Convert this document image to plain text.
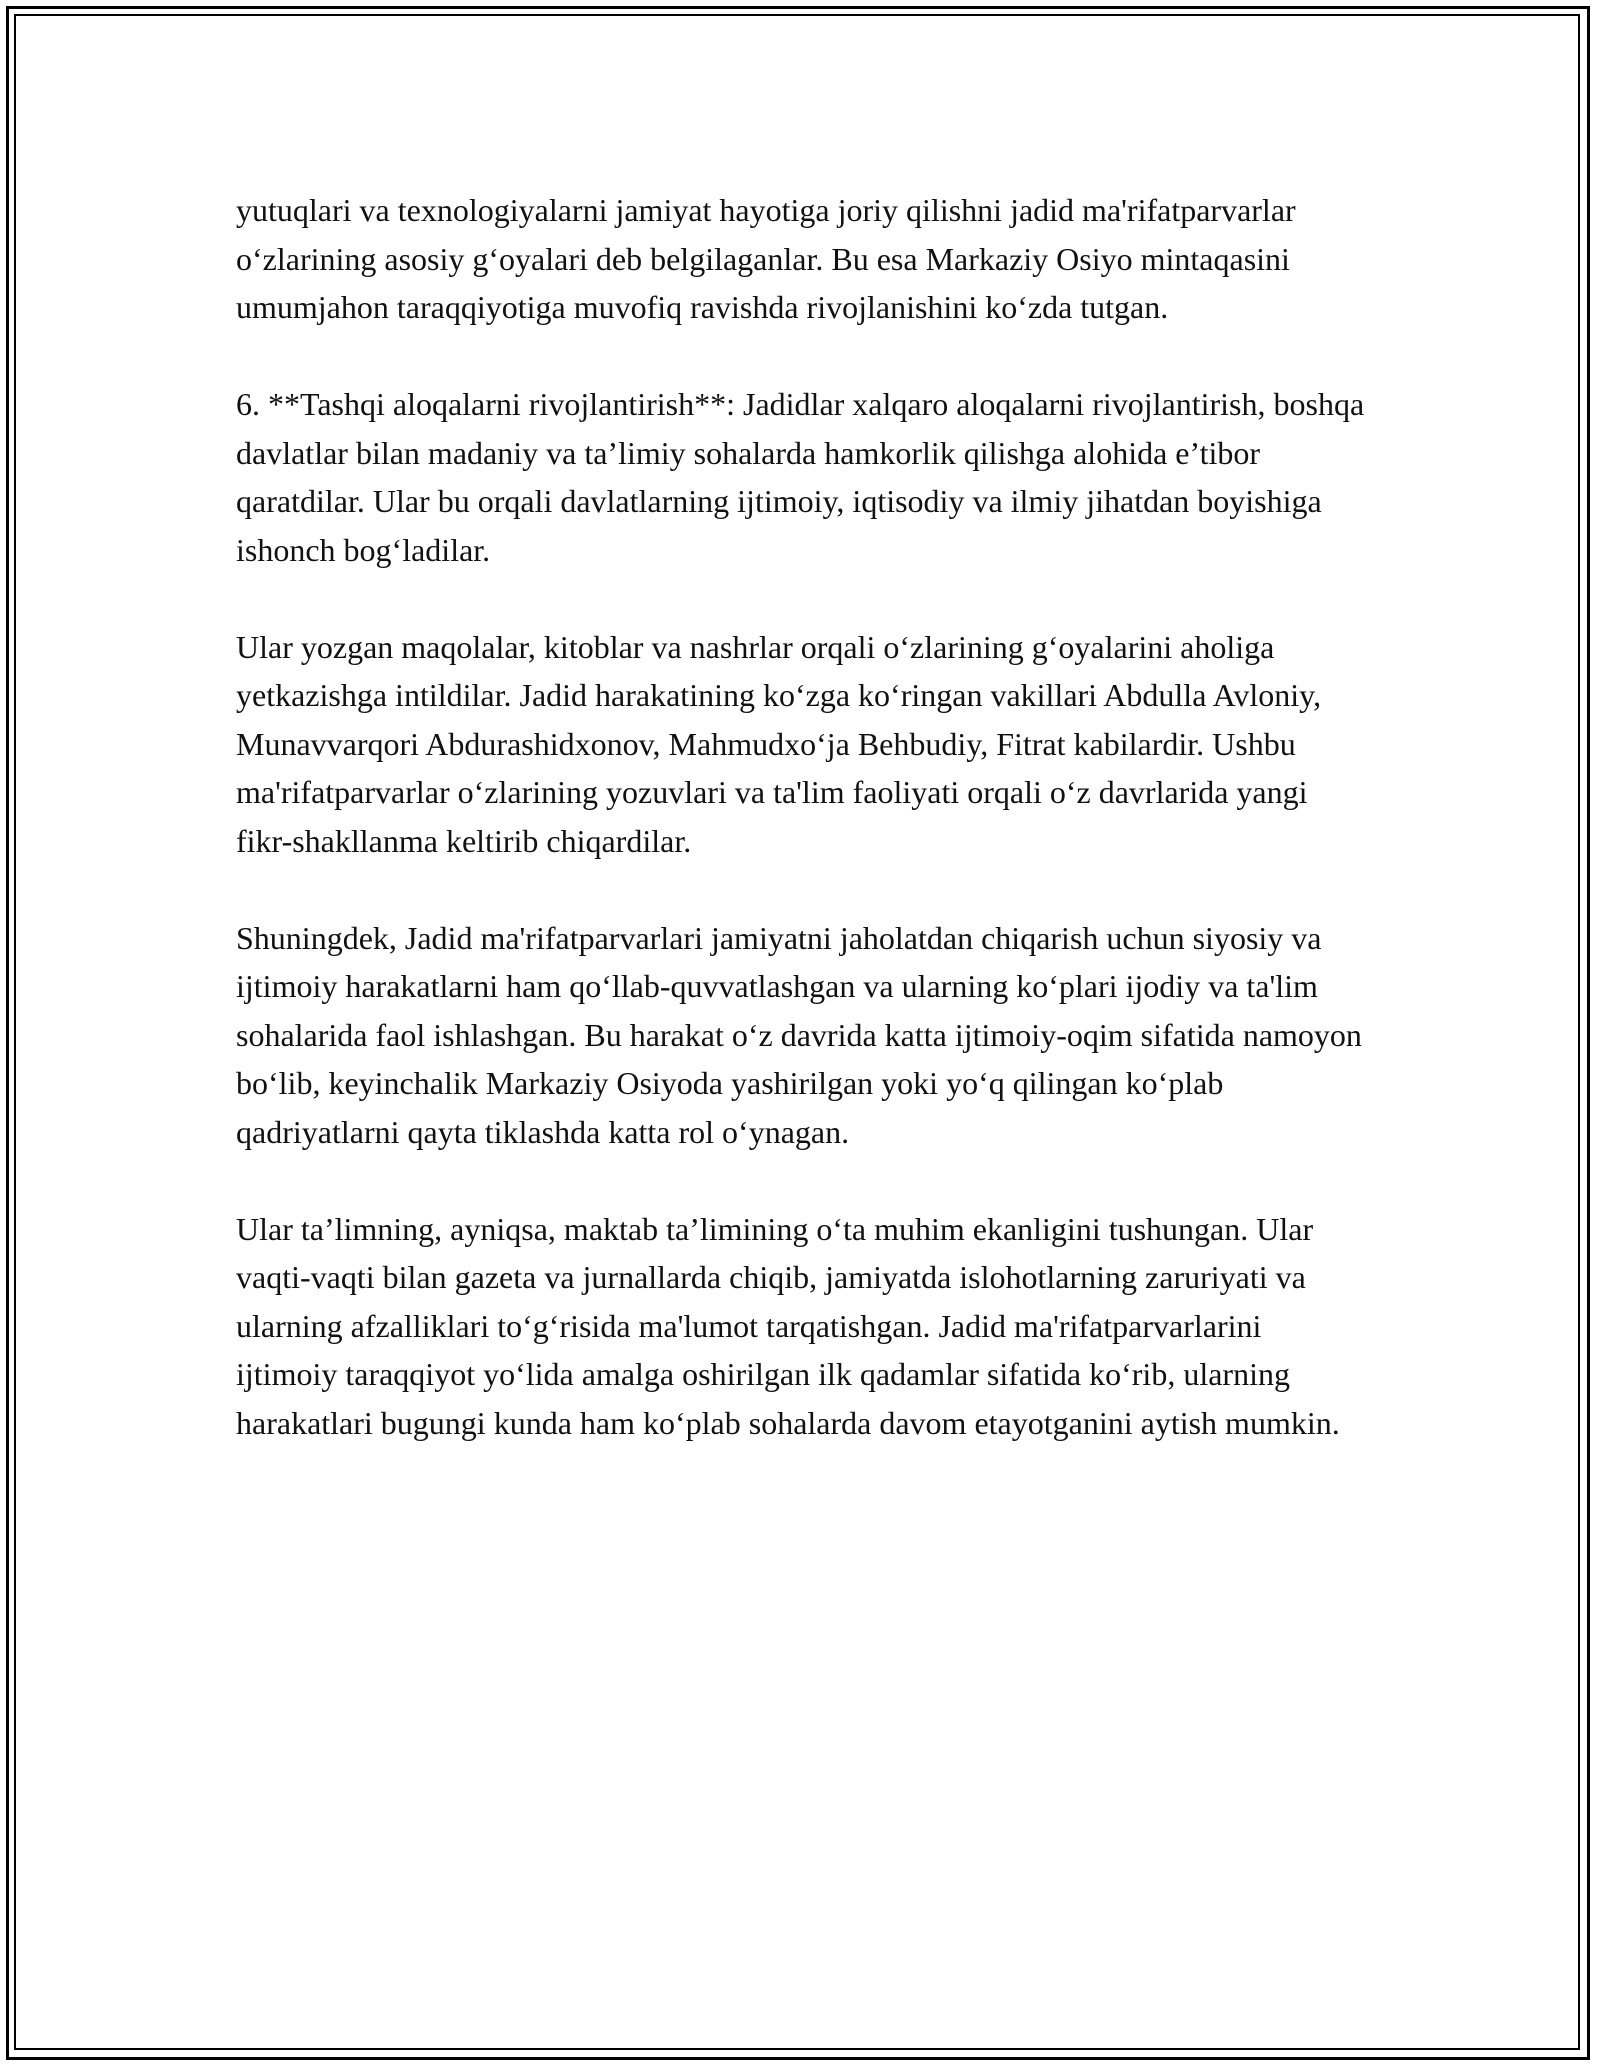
yutuqlari va texnologiyalarni jamiyat hayotiga joriy qilishni jadid ma'rifatparvarlar o‘zlarining asosiy g‘oyalari deb belgilaganlar. Bu esa Markaziy Osiyo mintaqasini umumjahon taraqqiyotiga muvofiq ravishda rivojlanishini ko‘zda tutgan.

6. **Tashqi aloqalarni rivojlantirish**: Jadidlar xalqaro aloqalarni rivojlantirish, boshqa davlatlar bilan madaniy va ta’limiy sohalarda hamkorlik qilishga alohida e’tibor qaratdilar. Ular bu orqali davlatlarning ijtimoiy, iqtisodiy va ilmiy jihatdan boyishiga ishonch bog‘ladilar.

Ular yozgan maqolalar, kitoblar va nashrlar orqali o‘zlarining g‘oyalarini aholiga yetkazishga intildilar. Jadid harakatining ko‘zga ko‘ringan vakillari Abdulla Avloniy, Munavvarqori Abdurashidxonov, Mahmudxo‘ja Behbudiy, Fitrat kabilardir. Ushbu ma'rifatparvarlar o‘zlarining yozuvlari va ta'lim faoliyati orqali o‘z davrlarida yangi fikr-shakllanma keltirib chiqardilar.

Shuningdek, Jadid ma'rifatparvarlari jamiyatni jaholatdan chiqarish uchun siyosiy va ijtimoiy harakatlarni ham qo‘llab-quvvatlashgan va ularning ko‘plari ijodiy va ta'lim sohalarida faol ishlashgan. Bu harakat o‘z davrida katta ijtimoiy-oqim sifatida namoyon bo‘lib, keyinchalik Markaziy Osiyoda yashirilgan yoki yo‘q qilingan ko‘plab qadriyatlarni qayta tiklashda katta rol o‘ynagan.

Ular ta’limning, ayniqsa, maktab ta’limining o‘ta muhim ekanligini tushungan. Ular vaqti-vaqti bilan gazeta va jurnallarda chiqib, jamiyatda islohotlarning zaruriyati va ularning afzalliklari to‘g‘risida ma'lumot tarqatishgan. Jadid ma'rifatparvarlarini ijtimoiy taraqqiyot yo‘lida amalga oshirilgan ilk qadamlar sifatida ko‘rib, ularning harakatlari bugungi kunda ham ko‘plab sohalarda davom etayotganini aytish mumkin.
